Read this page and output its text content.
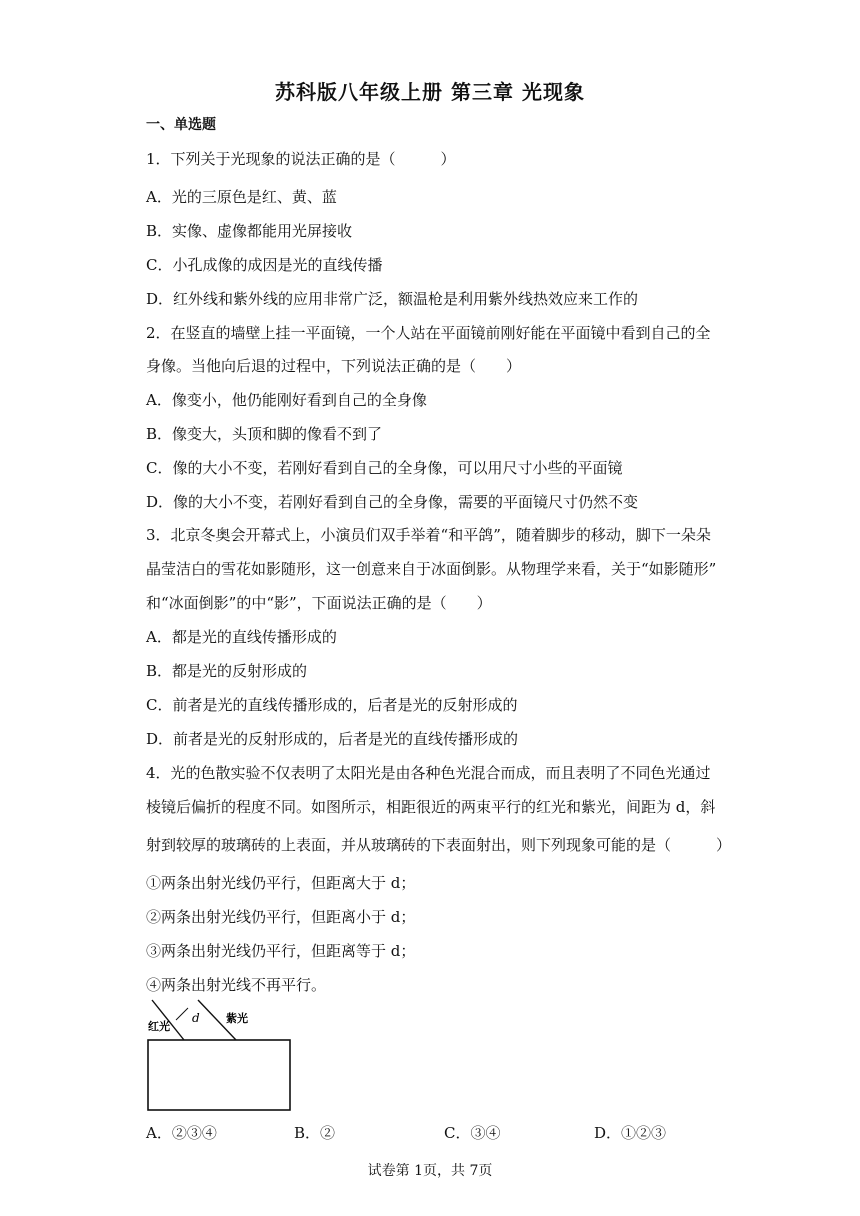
苏科版八年级上册 第三章 光现象
一、单选题
1．下列关于光现象的说法正确的是（　　　）
A．光的三原色是红、黄、蓝
B．实像、虚像都能用光屏接收
C．小孔成像的成因是光的直线传播
D．红外线和紫外线的应用非常广泛，额温枪是利用紫外线热效应来工作的
2．在竖直的墙壁上挂一平面镜，一个人站在平面镜前刚好能在平面镜中看到自己的全
身像。当他向后退的过程中，下列说法正确的是（　　）
A．像变小，他仍能刚好看到自己的全身像
B．像变大，头顶和脚的像看不到了
C．像的大小不变，若刚好看到自己的全身像，可以用尺寸小些的平面镜
D．像的大小不变，若刚好看到自己的全身像，需要的平面镜尺寸仍然不变
3．北京冬奥会开幕式上，小演员们双手举着“和平鸽”，随着脚步的移动，脚下一朵朵
晶莹洁白的雪花如影随形，这一创意来自于冰面倒影。从物理学来看，关于“如影随形”
和“冰面倒影”的中“影”，下面说法正确的是（　　）
A．都是光的直线传播形成的
B．都是光的反射形成的
C．前者是光的直线传播形成的，后者是光的反射形成的
D．前者是光的反射形成的，后者是光的直线传播形成的
4．光的色散实验不仅表明了太阳光是由各种色光混合而成，而且表明了不同色光通过
棱镜后偏折的程度不同。如图所示，相距很近的两束平行的红光和紫光，间距为 d，斜
射到较厚的玻璃砖的上表面，并从玻璃砖的下表面射出，则下列现象可能的是（　　　）
①两条出射光线仍平行，但距离大于 d；
②两条出射光线仍平行，但距离小于 d；
③两条出射光线仍平行，但距离等于 d；
④两条出射光线不再平行。
红光
紫光
d
A．②③④	B．②	C．③④	D．①②③
试卷第 1页，共 7页
